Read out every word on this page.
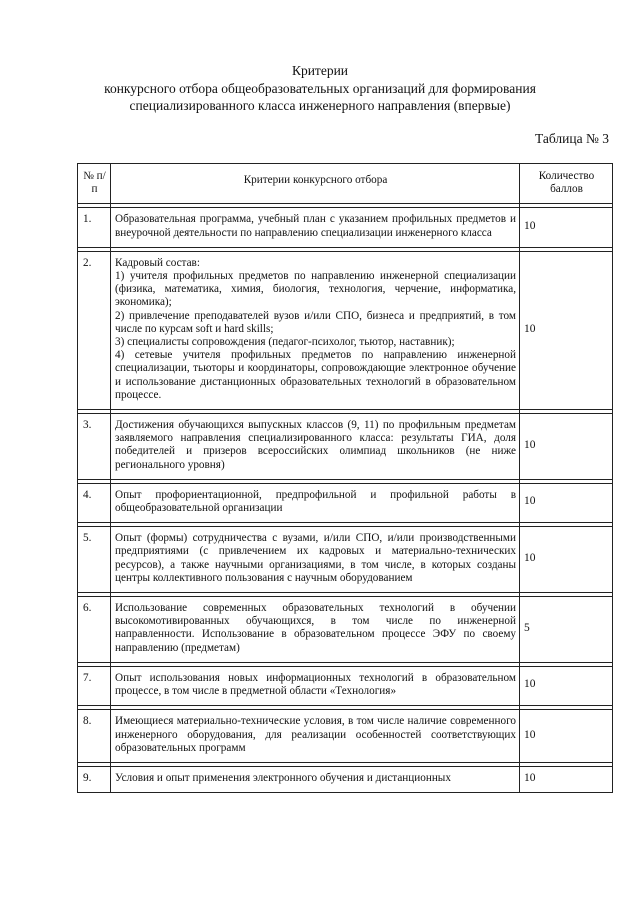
Критерии
конкурсного отбора общеобразовательных организаций для формирования
специализированного класса инженерного направления (впервые)
Таблица № 3
№ п/п	Критерии конкурсного отбора	Количество баллов

1.	Образовательная программа, учебный план с указанием профильных предметов и внеурочной деятельности по направлению специализации инженерного класса	10

2.	Кадровый состав:
1) учителя профильных предметов по направлению инженерной специализации (физика, математика, химия, биология, технология, черчение, информатика, экономика);
2) привлечение преподавателей вузов и/или СПО, бизнеса и предприятий, в том числе по курсам soft и hard skills;
3) специалисты сопровождения (педагог-психолог, тьютор, наставник);
4) сетевые учителя профильных предметов по направлению инженерной специализации, тьюторы и координаторы, сопровождающие электронное обучение и использование дистанционных образовательных технологий в образовательном процессе.	10

3.	Достижения обучающихся выпускных классов (9, 11) по профильным предметам заявляемого направления специализированного класса: результаты ГИА, доля победителей и призеров всероссийских олимпиад школьников (не ниже регионального уровня)	10

4.	Опыт профориентационной, предпрофильной и профильной работы в общеобразовательной организации	10

5.	Опыт (формы) сотрудничества с вузами, и/или СПО, и/или производственными предприятиями (с привлечением их кадровых и материально-технических ресурсов), а также научными организациями, в том числе, в которых созданы центры коллективного пользования с научным оборудованием	10

6.	Использование современных образовательных технологий в обучении высокомотивированных обучающихся, в том числе по инженерной направленности. Использование в образовательном процессе ЭФУ по своему направлению (предметам)	5

7.	Опыт использования новых информационных технологий в образовательном процессе, в том числе в предметной области «Технология»	10

8.	Имеющиеся материально-технические условия, в том числе наличие современного инженерного оборудования, для реализации особенностей соответствующих образовательных программ	10

9.	Условия и опыт применения электронного обучения и дистанционных	10
